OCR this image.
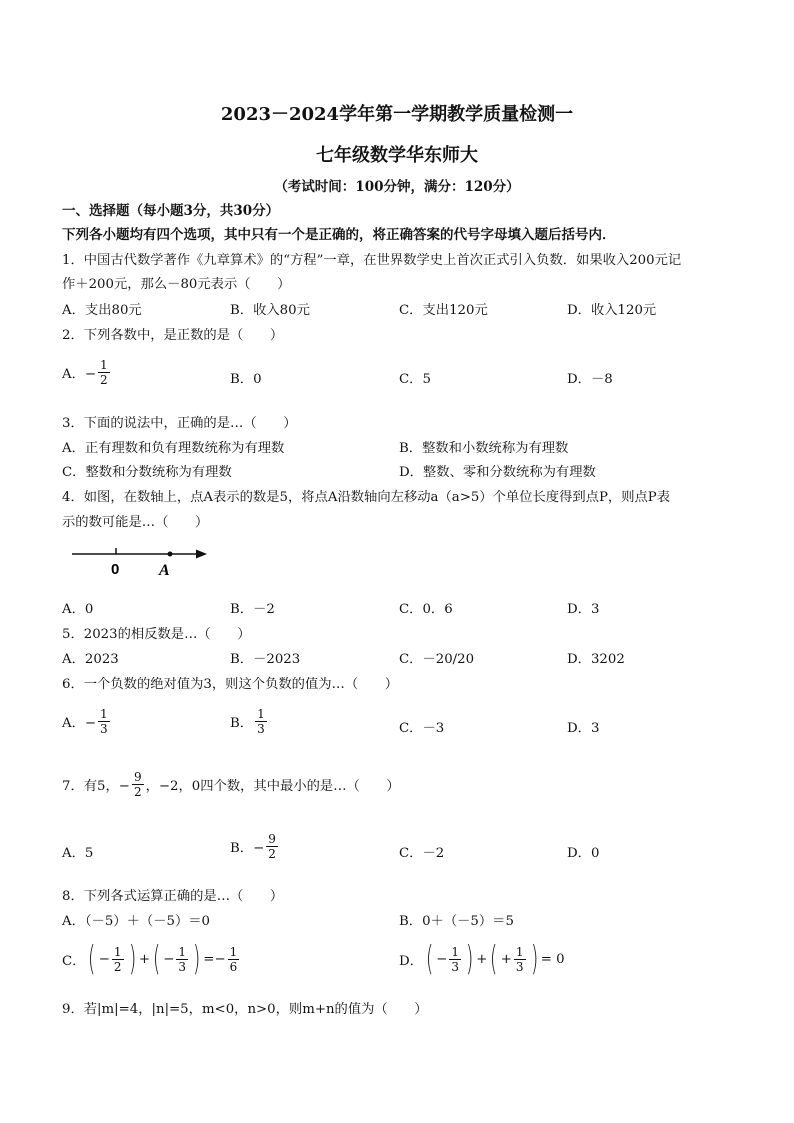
2023－2024学年第一学期教学质量检测一
七年级数学华东师大
（考试时间：100分钟，满分：120分）
一、选择题（每小题3分，共30分）
下列各小题均有四个选项，其中只有一个是正确的，将正确答案的代号字母填入题后括号内．
1．中国古代数学著作《九章算术》的“方程”一章，在世界数学史上首次正式引入负数．如果收入200元记
作＋200元，那么－80元表示（　　）
A．支出80元	B．收入80元	C．支出120元	D．收入120元
2．下列各数中，是正数的是（　　）
A．− $\frac{1}{2}$	B．0	C．5	D．－8
3．下面的说法中，正确的是…（　　）
A．正有理数和负有理数统称为有理数	B．整数和小数统称为有理数
C．整数和分数统称为有理数	D．整数、零和分数统称为有理数
4．如图，在数轴上，点A表示的数是5，将点A沿数轴向左移动a（a>5）个单位长度得到点P，则点P表
示的数可能是…（　　）
0 A
A．0	B．－2	C．0．6	D．3
5．2023的相反数是…（　　）
A．2023	B．－2023	C．－20/20	D．3202
6．一个负数的绝对值为3，则这个负数的值为…（　　）
A．− $\frac{1}{3}$	B． $\frac{1}{3}$	C．－3	D．3
7．有5，− $\frac{9}{2}$ ，−2，0四个数，其中最小的是…（　　）
A．5	B．− $\frac{9}{2}$	C．－2	D．0
8．下列各式运算正确的是…（　　）
A．（－5）＋（－5）＝0	B．0＋（－5）＝5
C． ( − $\frac{1}{2}$ ) + ( − $\frac{1}{3}$ ) =− $\frac{1}{6}$	D． ( − $\frac{1}{3}$ ) + ( + $\frac{1}{3}$ ) = 0
9．若|m|=4，|n|=5，m<0，n>0，则m+n的值为（　　）
